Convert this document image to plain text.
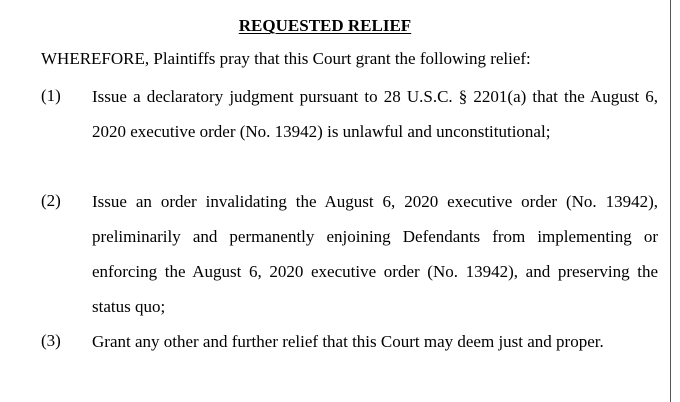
REQUESTED RELIEF
WHEREFORE, Plaintiffs pray that this Court grant the following relief:
(1) Issue a declaratory judgment pursuant to 28 U.S.C. § 2201(a) that the August 6, 2020 executive order (No. 13942) is unlawful and unconstitutional;
(2) Issue an order invalidating the August 6, 2020 executive order (No. 13942), preliminarily and permanently enjoining Defendants from implementing or enforcing the August 6, 2020 executive order (No. 13942), and preserving the status quo;
(3) Grant any other and further relief that this Court may deem just and proper.
